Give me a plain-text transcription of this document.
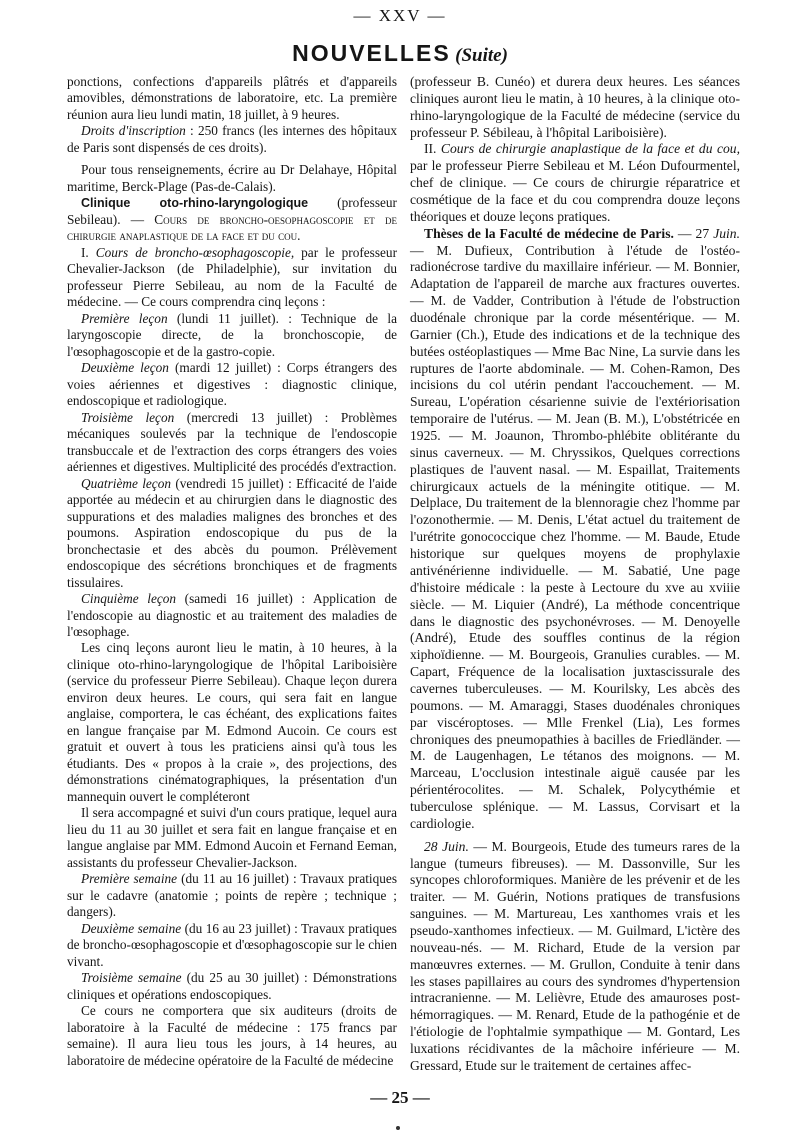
— XXV —
NOUVELLES (Suite)

ponctions, confections d'appareils plâtrés et d'appareils amovibles, démonstrations de laboratoire, etc. La première réunion aura lieu lundi matin, 18 juillet, à 9 heures.

Droits d'inscription : 250 francs (les internes des hôpitaux de Paris sont dispensés de ces droits).

Pour tous renseignements, écrire au Dr Delahaye, Hôpital maritime, Berck-Plage (Pas-de-Calais).

Clinique oto-rhino-laryngologique (professeur Sebileau). — Cours de broncho-oesophagoscopie et de chirurgie anaplastique de la face et du cou.

I. Cours de broncho-œsophagoscopie, par le professeur Chevalier-Jackson (de Philadelphie), sur invitation du professeur Pierre Sebileau, au nom de la Faculté de médecine. — Ce cours comprendra cinq leçons :

Première leçon (lundi 11 juillet). : Technique de la laryngoscopie directe, de la bronchoscopie, de l'œsophagoscopie et de la gastro-copie.

Deuxième leçon (mardi 12 juillet) : Corps étrangers des voies aériennes et digestives : diagnostic clinique, endoscopique et radiologique.

Troisième leçon (mercredi 13 juillet) : Problèmes mécaniques soulevés par la technique de l'endoscopie transbuccale et de l'extraction des corps étrangers des voies aériennes et digestives. Multiplicité des procédés d'extraction.

Quatrième leçon (vendredi 15 juillet) : Efficacité de l'aide apportée au médecin et au chirurgien dans le diagnostic des suppurations et des maladies malignes des bronches et des poumons. Aspiration endoscopique du pus de la bronchectasie et des abcès du poumon. Prélèvement endoscopique des sécrétions bronchiques et de fragments tissulaires.

Cinquième leçon (samedi 16 juillet) : Application de l'endoscopie au diagnostic et au traitement des maladies de l'œsophage.

Les cinq leçons auront lieu le matin, à 10 heures, à la clinique oto-rhino-laryngologique de l'hôpital Lariboisière (service du professeur Pierre Sebileau). Chaque leçon durera environ deux heures. Le cours, qui sera fait en langue anglaise, comportera, le cas échéant, des explications faites en langue française par M. Edmond Aucoin. Ce cours est gratuit et ouvert à tous les praticiens ainsi qu'à tous les étudiants. Des « propos à la craie », des projections, des démonstrations cinématographiques, la présentation d'un mannequin ouvert le compléteront

Il sera accompagné et suivi d'un cours pratique, lequel aura lieu du 11 au 30 juillet et sera fait en langue française et en langue anglaise par MM. Edmond Aucoin et Fernand Eeman, assistants du professeur Chevalier-Jackson.

Première semaine (du 11 au 16 juillet) : Travaux pratiques sur le cadavre (anatomie ; points de repère ; technique ; dangers).

Deuxième semaine (du 16 au 23 juillet) : Travaux pratiques de broncho-œsophagoscopie et d'œsophagoscopie sur le chien vivant.

Troisième semaine (du 25 au 30 juillet) : Démonstrations cliniques et opérations endoscopiques.

Ce cours ne comportera que six auditeurs (droits de laboratoire à la Faculté de médecine : 175 francs par semaine). Il aura lieu tous les jours, à 14 heures, au laboratoire de médecine opératoire de la Faculté de médecine

(professeur B. Cunéo) et durera deux heures. Les séances cliniques auront lieu le matin, à 10 heures, à la clinique oto-rhino-laryngologique de la Faculté de médecine (service du professeur P. Sébileau, à l'hôpital Lariboisière).

II. Cours de chirurgie anaplastique de la face et du cou, par le professeur Pierre Sebileau et M. Léon Dufourmentel, chef de clinique. — Ce cours de chirurgie réparatrice et cosmétique de la face et du cou comprendra douze leçons théoriques et douze leçons pratiques.

Thèses de la Faculté de médecine de Paris. — 27 Juin. — M. Dufieux, Contribution à l'étude de l'ostéo-radionécrose tardive du maxillaire inférieur. — M. Bonnier, Adaptation de l'appareil de marche aux fractures ouvertes. — M. de Vadder, Contribution à l'étude de l'obstruction duodénale chronique par la corde mésentérique. — M. Garnier (Ch.), Etude des indications et de la technique des butées ostéoplastiques — Mme Bac Nine, La survie dans les ruptures de l'aorte abdominale. — M. Cohen-Ramon, Des incisions du col utérin pendant l'accouchement. — M. Sureau, L'opération césarienne suivie de l'extériorisation temporaire de l'utérus. — M. Jean (B. M.), L'obstétricée en 1925. — M. Joaunon, Thrombo-phlébite oblitérante du sinus caverneux. — M. Chryssikos, Quelques corrections plastiques de l'auvent nasal. — M. Espaillat, Traitements chirurgicaux actuels de la méningite otitique. — M. Delplace, Du traitement de la blennoragie chez l'homme par l'ozonothermie. — M. Denis, L'état actuel du traitement de l'urétrite gonococcique chez l'homme. — M. Baude, Etude historique sur quelques moyens de prophylaxie antivénérienne individuelle. — M. Sabatié, Une page d'histoire médicale : la peste à Lectoure du xve au xviiie siècle. — M. Liquier (André), La méthode concentrique dans le diagnostic des psychonévroses. — M. Denoyelle (André), Etude des souffles continus de la région xiphoïdienne. — M. Bourgeois, Granulies curables. — M. Capart, Fréquence de la localisation juxtascissurale des cavernes tuberculeuses. — M. Kourilsky, Les abcès des poumons. — M. Amaraggi, Stases duodénales chroniques par viscéroptoses. — Mlle Frenkel (Lia), Les formes chroniques des pneumopathies à bacilles de Friedländer. — M. de Laugenhagen, Le tétanos des moignons. — M. Marceau, L'occlusion intestinale aiguë causée par les périentérocolites. — M. Schalek, Polycythémie et tuberculose splénique. — M. Lassus, Corvisart et la cardiologie.

28 Juin. — M. Bourgeois, Etude des tumeurs rares de la langue (tumeurs fibreuses). — M. Dassonville, Sur les syncopes chloroformiques. Manière de les prévenir et de les traiter. — M. Guérin, Notions pratiques de transfusions sanguines. — M. Martureau, Les xanthomes vrais et les pseudo-xanthomes infectieux. — M. Guilmard, L'ictère des nouveau-nés. — M. Richard, Etude de la version par manœuvres externes. — M. Grullon, Conduite à tenir dans les stases papillaires au cours des syndromes d'hypertension intracranienne. — M. Lelièvre, Etude des amauroses post-hémorragiques. — M. Renard, Etude de la pathogénie et de l'étiologie de l'ophtalmie sympathique — M. Gontard, Les luxations récidivantes de la mâchoire inférieure — M. Gressard, Etude sur le traitement de certaines affec-

— 25 —
